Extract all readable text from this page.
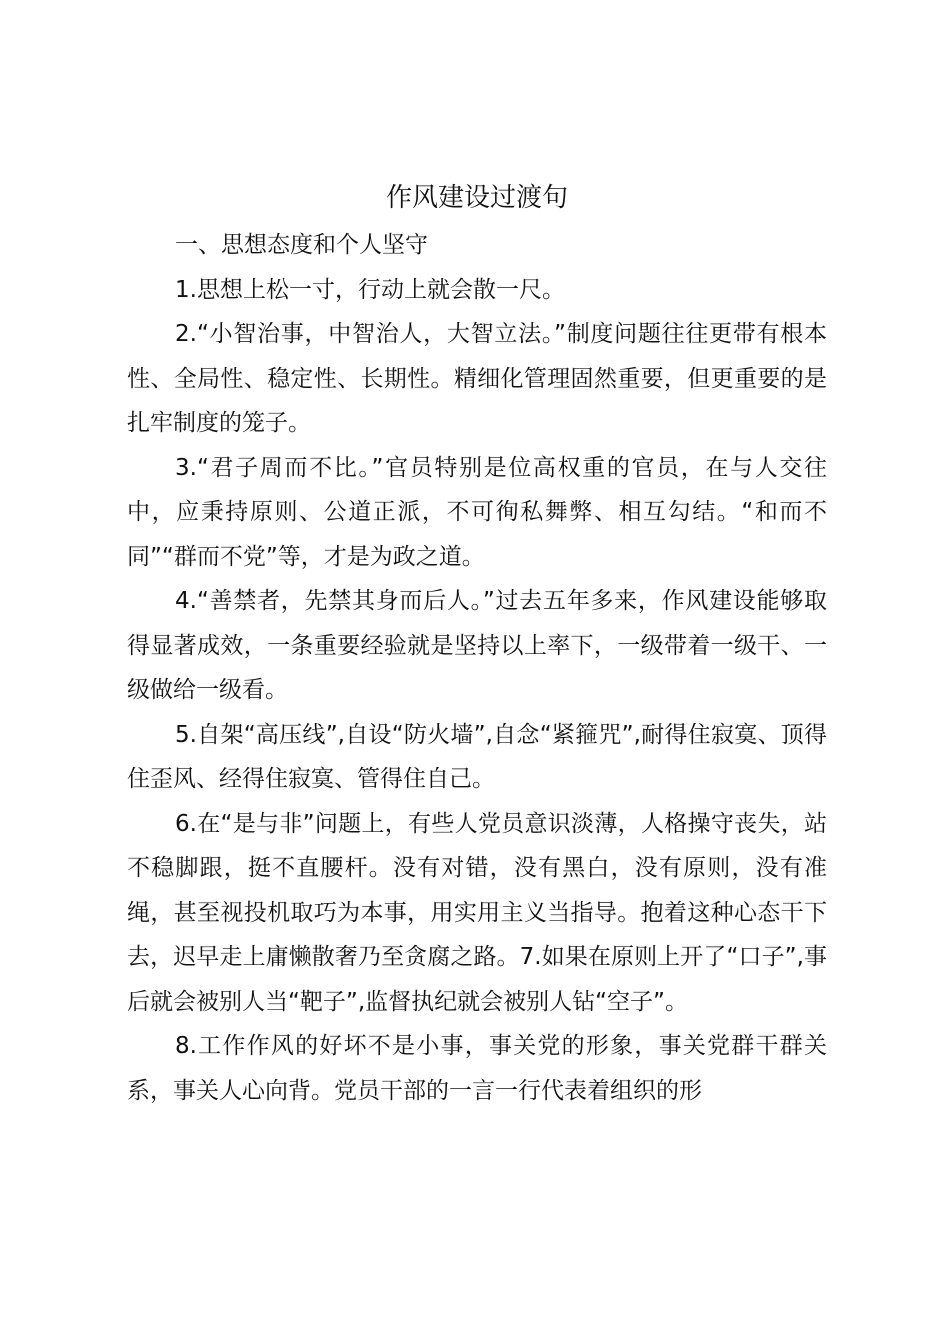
作风建设过渡句

一、思想态度和个人坚守

1.思想上松一寸，行动上就会散一尺。

2.“小智治事，中智治人，大智立法。”制度问题往往更带有根本性、全局性、稳定性、长期性。精细化管理固然重要，但更重要的是扎牢制度的笼子。

3.“君子周而不比。”官员特别是位高权重的官员，在与人交往中，应秉持原则、公道正派，不可徇私舞弊、相互勾结。“和而不同”“群而不党”等，才是为政之道。

4.“善禁者，先禁其身而后人。”过去五年多来，作风建设能够取得显著成效，一条重要经验就是坚持以上率下，一级带着一级干、一级做给一级看。

5.自架“高压线”,自设“防火墙”,自念“紧箍咒”,耐得住寂寞、顶得住歪风、经得住寂寞、管得住自己。

6.在“是与非”问题上，有些人党员意识淡薄，人格操守丧失，站不稳脚跟，挺不直腰杆。没有对错，没有黑白，没有原则，没有准绳，甚至视投机取巧为本事，用实用主义当指导。抱着这种心态干下去，迟早走上庸懒散奢乃至贪腐之路。7.如果在原则上开了“口子”,事后就会被别人当“靶子”,监督执纪就会被别人钻“空子”。

8.工作作风的好坏不是小事，事关党的形象，事关党群干群关系，事关人心向背。党员干部的一言一行代表着组织的形
